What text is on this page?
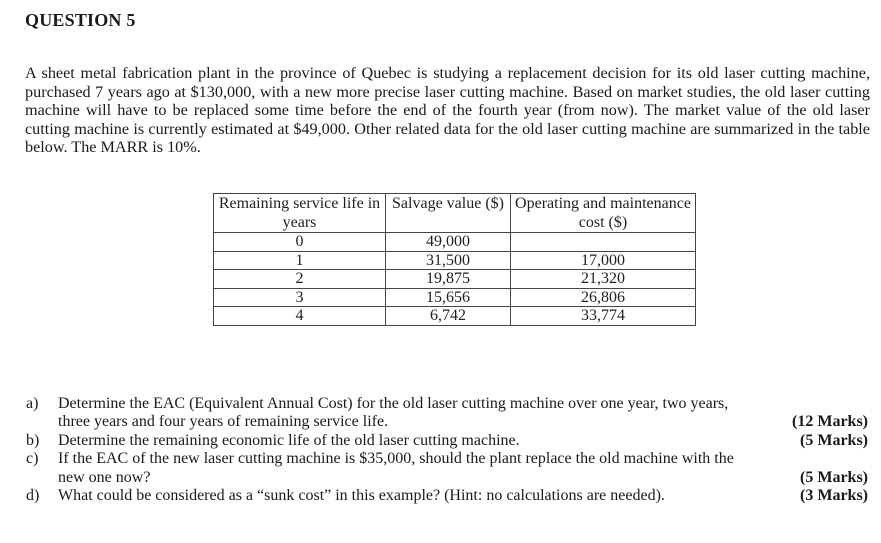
QUESTION 5

A sheet metal fabrication plant in the province of Quebec is studying a replacement decision for its old laser cutting machine, purchased 7 years ago at $130,000, with a new more precise laser cutting machine. Based on market studies, the old laser cutting machine will have to be replaced some time before the end of the fourth year (from now). The market value of the old laser cutting machine is currently estimated at $49,000. Other related data for the old laser cutting machine are summarized in the table below. The MARR is 10%.

Remaining service life in years	Salvage value ($)	Operating and maintenance cost ($)
0	49,000	
1	31,500	17,000
2	19,875	21,320
3	15,656	26,806
4	6,742	33,774
a) Determine the EAC (Equivalent Annual Cost) for the old laser cutting machine over one year, two years,
three years and four years of remaining service life.	(12 Marks)
b) Determine the remaining economic life of the old laser cutting machine.	(5 Marks)
c) If the EAC of the new laser cutting machine is $35,000, should the plant replace the old machine with the
new one now?	(5 Marks)
d) What could be considered as a “sunk cost” in this example? (Hint: no calculations are needed).	(3 Marks)
